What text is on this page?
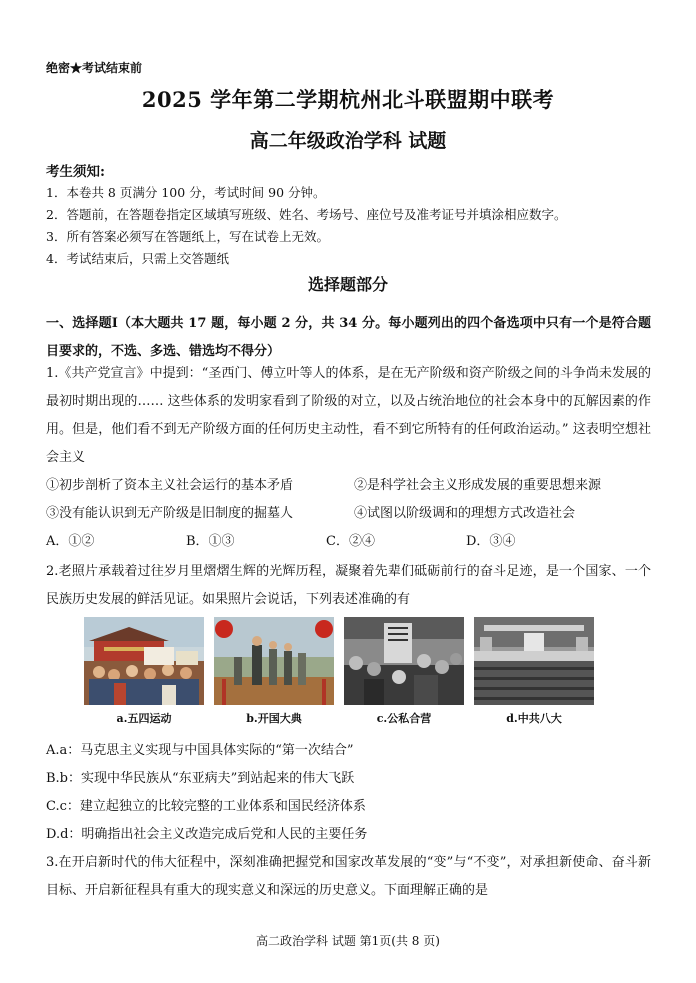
绝密★考试结束前
2025 学年第二学期杭州北斗联盟期中联考
高二年级政治学科 试题
考生须知:
1．本卷共 8 页满分 100 分，考试时间 90 分钟。
2．答题前，在答题卷指定区域填写班级、姓名、考场号、座位号及准考证号并填涂相应数字。
3．所有答案必须写在答题纸上，写在试卷上无效。
4．考试结束后，只需上交答题纸
选择题部分
一、选择题Ⅰ（本大题共 17 题，每小题 2 分，共 34 分。每小题列出的四个备选项中只有一个是符合题目要求的，不选、多选、错选均不得分）
1.《共产党宣言》中提到：“圣西门、傅立叶等人的体系，是在无产阶级和资产阶级之间的斗争尚未发展的最初时期出现的…… 这些体系的发明家看到了阶级的对立，以及占统治地位的社会本身中的瓦解因素的作用。但是，他们看不到无产阶级方面的任何历史主动性，看不到它所特有的任何政治运动。” 这表明空想社会主义
①初步剖析了资本主义社会运行的基本矛盾	②是科学社会主义形成发展的重要思想来源
③没有能认识到无产阶级是旧制度的掘墓人	④试图以阶级调和的理想方式改造社会
A．①②	B．①③	C．②④	D．③④
2.老照片承载着过往岁月里熠熠生辉的光辉历程，凝聚着先辈们砥砺前行的奋斗足迹，是一个国家、一个民族历史发展的鲜活见证。如果照片会说话，下列表述准确的有
a.五四运动	b.开国大典	c.公私合营	d.中共八大
A.a：马克思主义实现与中国具体实际的“第一次结合”
B.b：实现中华民族从“东亚病夫”到站起来的伟大飞跃
C.c：建立起独立的比较完整的工业体系和国民经济体系
D.d：明确指出社会主义改造完成后党和人民的主要任务
3.在开启新时代的伟大征程中，深刻准确把握党和国家改革发展的“变”与“不变”，对承担新使命、奋斗新目标、开启新征程具有重大的现实意义和深远的历史意义。下面理解正确的是
高二政治学科 试题 第1页(共 8 页)
